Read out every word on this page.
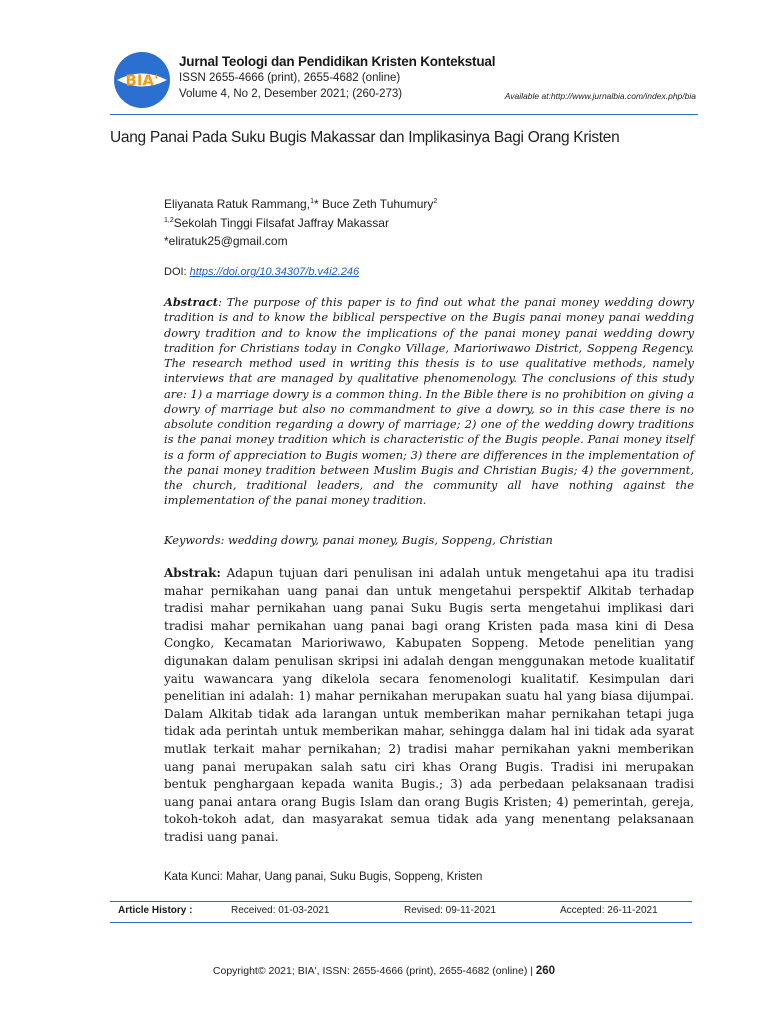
BIA'
Jurnal Teologi dan Pendidikan Kristen Kontekstual
ISSN 2655-4666 (print), 2655-4682 (online)
Volume 4, No 2, Desember 2021; (260-273)	Available at:http://www.jurnalbia.com/index.php/bia
Uang Panai Pada Suku Bugis Makassar dan Implikasinya Bagi Orang Kristen
Eliyanata Ratuk Rammang,$^1$* Buce Zeth Tuhumury$^2$
$^{1,2}$Sekolah Tinggi Filsafat Jaffray Makassar
*eliratuk25@gmail.com
DOI: https://doi.org/10.34307/b.v4i2.246

Abstract: The purpose of this paper is to find out what the panai money wedding dowry tradition is and to know the biblical perspective on the Bugis panai money panai wedding dowry tradition and to know the implications of the panai money panai wedding dowry tradition for Christians today in Congko Village, Marioriwawo District, Soppeng Regency. The research method used in writing this thesis is to use qualitative methods, namely interviews that are managed by qualitative phenomenology. The conclusions of this study are: 1) a marriage dowry is a common thing. In the Bible there is no prohibition on giving a dowry of marriage but also no commandment to give a dowry, so in this case there is no absolute condition regarding a dowry of marriage; 2) one of the wedding dowry traditions is the panai money tradition which is characteristic of the Bugis people. Panai money itself is a form of appreciation to Bugis women; 3) there are differences in the implementation of the panai money tradition between Muslim Bugis and Christian Bugis; 4) the government, the church, traditional leaders, and the community all have nothing against the implementation of the panai money tradition.

Keywords: wedding dowry, panai money, Bugis, Soppeng, Christian

Abstrak: Adapun tujuan dari penulisan ini adalah untuk mengetahui apa itu tradisi mahar pernikahan uang panai dan untuk mengetahui perspektif Alkitab terhadap tradisi mahar pernikahan uang panai Suku Bugis serta mengetahui implikasi dari tradisi mahar pernikahan uang panai bagi orang Kristen pada masa kini di Desa Congko, Kecamatan Marioriwawo, Kabupaten Soppeng. Metode penelitian yang digunakan dalam penulisan skripsi ini adalah dengan menggunakan metode kualitatif yaitu wawancara yang dikelola secara fenomenologi kualitatif. Kesimpulan dari penelitian ini adalah: 1) mahar pernikahan merupakan suatu hal yang biasa dijumpai. Dalam Alkitab tidak ada larangan untuk memberikan mahar pernikahan tetapi juga tidak ada perintah untuk memberikan mahar, sehingga dalam hal ini tidak ada syarat mutlak terkait mahar pernikahan; 2) tradisi mahar pernikahan yakni memberikan uang panai merupakan salah satu ciri khas Orang Bugis. Tradisi ini merupakan bentuk penghargaan kepada wanita Bugis.; 3) ada perbedaan pelaksanaan tradisi uang panai antara orang Bugis Islam dan orang Bugis Kristen; 4) pemerintah, gereja, tokoh-tokoh adat, dan masyarakat semua tidak ada yang menentang pelaksanaan tradisi uang panai.

Kata Kunci: Mahar, Uang panai, Suku Bugis, Soppeng, Kristen

Article History :	Received: 01-03-2021	Revised: 09-11-2021	Accepted: 26-11-2021
Copyright© 2021; BIA', ISSN: 2655-4666 (print), 2655-4682 (online) | 260
